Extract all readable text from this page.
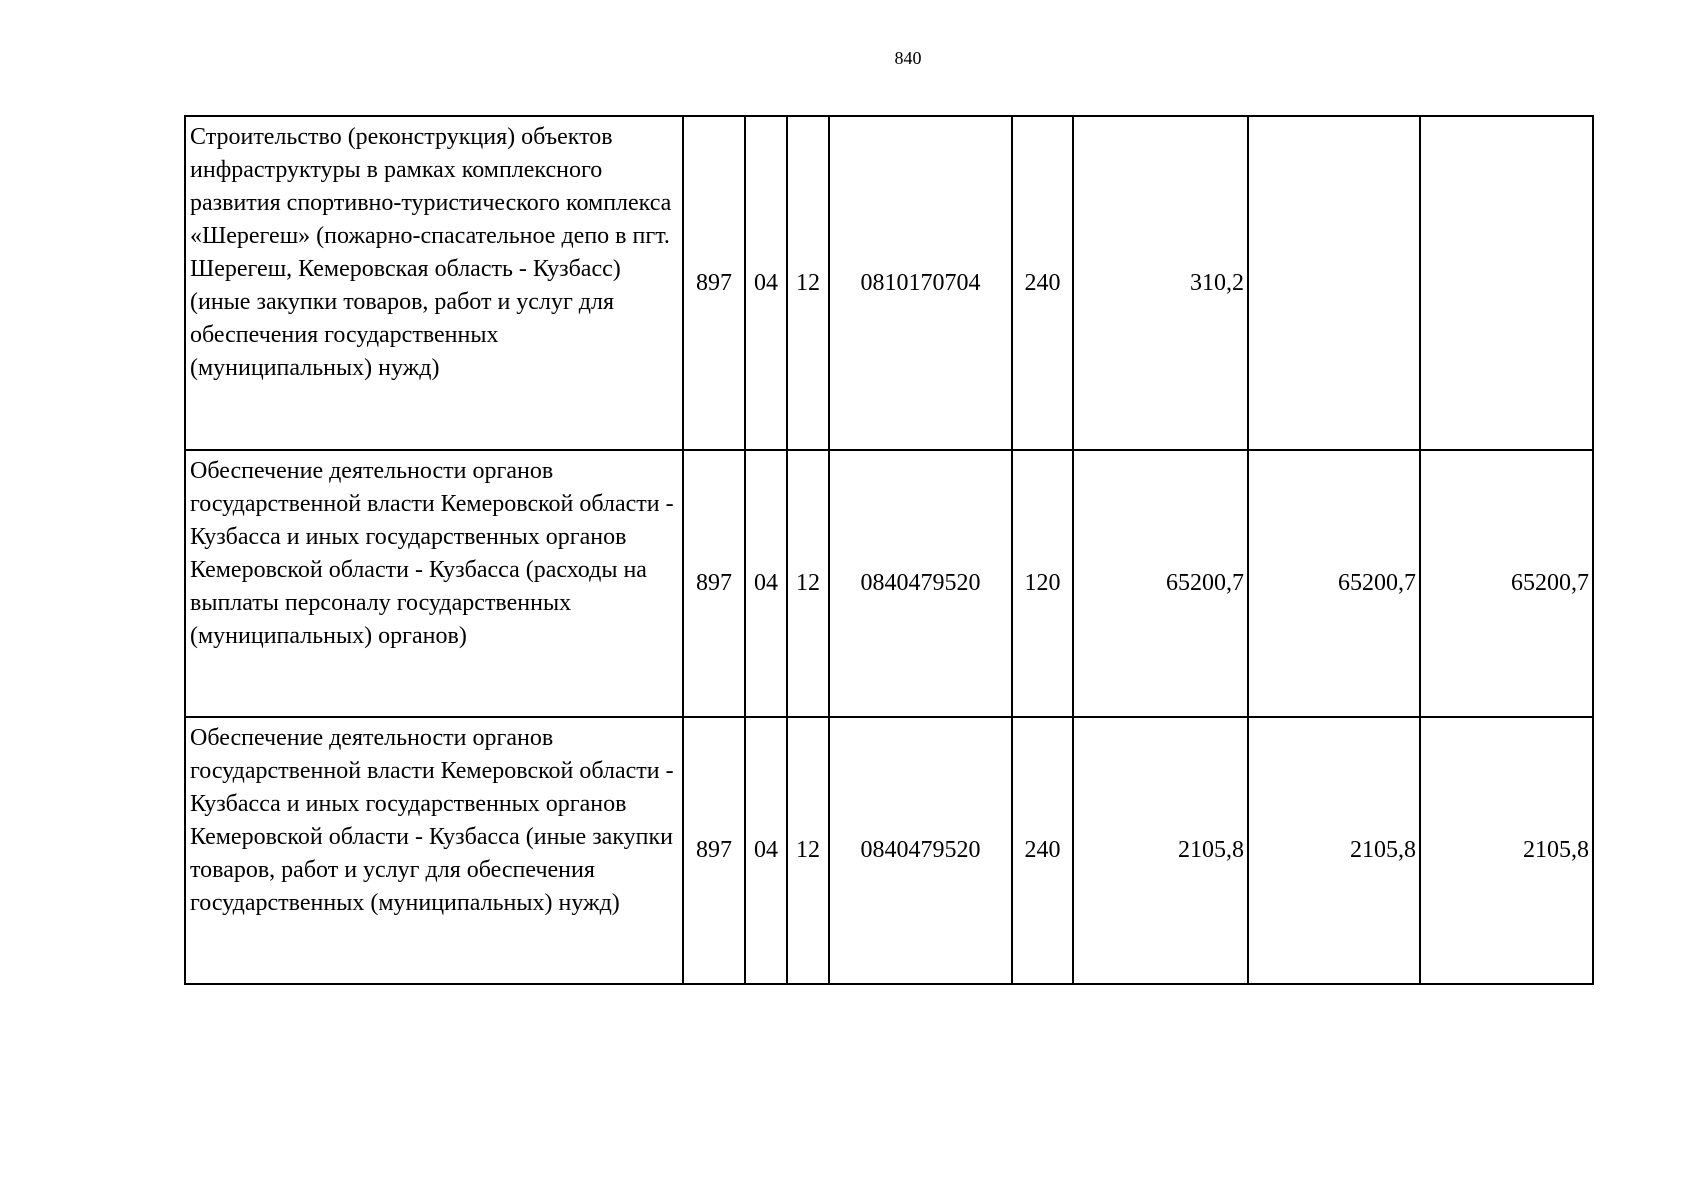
840
Строительство (реконструкция) объектов инфраструктуры в рамках комплексного развития спортивно-туристического комплекса «Шерегеш» (пожарно-спасательное депо в пгт. Шерегеш, Кемеровская область - Кузбасс) (иные закупки товаров, работ и услуг для обеспечения государственных (муниципальных) нужд)	897	04	12	0810170704	240	310,2		
Обеспечение деятельности органов государственной власти Кемеровской области - Кузбасса и иных государственных органов Кемеровской области - Кузбасса (расходы на выплаты персоналу государственных (муниципальных) органов)	897	04	12	0840479520	120	65200,7	65200,7	65200,7
Обеспечение деятельности органов государственной власти Кемеровской области - Кузбасса и иных государственных органов Кемеровской области - Кузбасса (иные закупки товаров, работ и услуг для обеспечения государственных (муниципальных) нужд)	897	04	12	0840479520	240	2105,8	2105,8	2105,8
